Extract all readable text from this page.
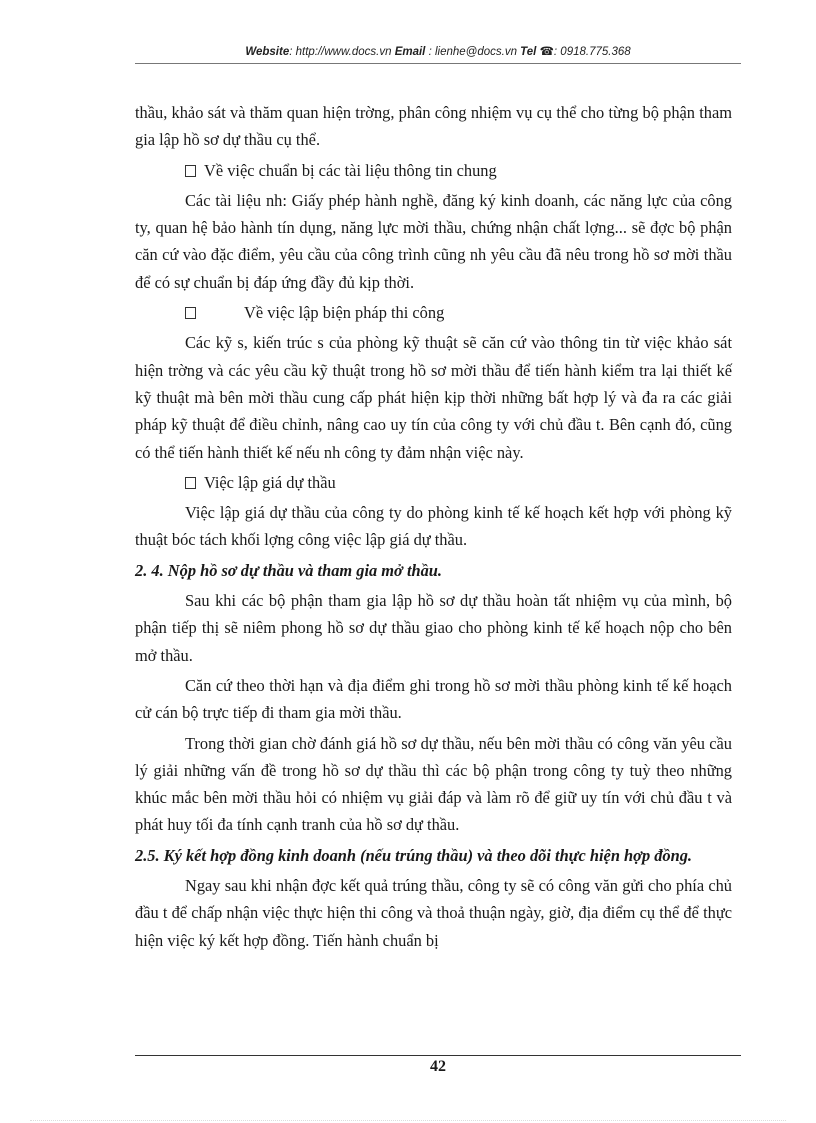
Website: http://www.docs.vn Email : lienhe@docs.vn Tel ☎: 0918.775.368

thầu, khảo sát và thăm quan hiện trờng, phân công nhiệm vụ cụ thể cho từng bộ phận tham gia lập hồ sơ dự thầu cụ thể.

Về việc chuẩn bị các tài liệu thông tin chung

Các tài liệu nh: Giấy phép hành nghề, đăng ký kinh doanh, các năng lực của công ty, quan hệ bảo hành tín dụng, năng lực mời thầu, chứng nhận chất lợng... sẽ đợc bộ phận căn cứ vào đặc điểm, yêu cầu của công trình cũng nh yêu cầu đã nêu trong hồ sơ mời thầu để có sự chuẩn bị đáp ứng đầy đủ kịp thời.

Về việc lập biện pháp thi công

Các kỹ s, kiến trúc s của phòng kỹ thuật sẽ căn cứ vào thông tin từ việc khảo sát hiện trờng và các yêu cầu kỹ thuật trong hồ sơ mời thầu để tiến hành kiểm tra lại thiết kế kỹ thuật mà bên mời thầu cung cấp phát hiện kịp thời những bất hợp lý và đa ra các giải pháp kỹ thuật để điều chỉnh, nâng cao uy tín của công ty với chủ đầu t. Bên cạnh đó, cũng có thể tiến hành thiết kế nếu nh công ty đảm nhận việc này.

Việc lập giá dự thầu

Việc lập giá dự thầu của công ty do phòng kinh tế kế hoạch kết hợp với phòng kỹ thuật bóc tách khối lợng công việc lập giá dự thầu.

2. 4. Nộp hồ sơ dự thầu và tham gia mở thầu.

Sau khi các bộ phận tham gia lập hồ sơ dự thầu hoàn tất nhiệm vụ của mình, bộ phận tiếp thị sẽ niêm phong hồ sơ dự thầu giao cho phòng kinh tế kế hoạch nộp cho bên mở thầu.

Căn cứ theo thời hạn và địa điểm ghi trong hồ sơ mời thầu phòng kinh tế kế hoạch cử cán bộ trực tiếp đi tham gia mời thầu.

Trong thời gian chờ đánh giá hồ sơ dự thầu, nếu bên mời thầu có công văn yêu cầu lý giải những vấn đề trong hồ sơ dự thầu thì các bộ phận trong công ty tuỳ theo những khúc mắc bên mời thầu hỏi có nhiệm vụ giải đáp và làm rõ để giữ uy tín với chủ đầu t và phát huy tối đa tính cạnh tranh của hồ sơ dự thầu.

2.5. Ký kết hợp đồng kinh doanh (nếu trúng thầu) và theo dõi thực hiện hợp đồng.

Ngay sau khi nhận đợc kết quả trúng thầu, công ty sẽ có công văn gửi cho phía chủ đầu t để chấp nhận việc thực hiện thi công và thoả thuận ngày, giờ, địa điểm cụ thể để thực hiện việc ký kết hợp đồng. Tiến hành chuẩn bị

42
